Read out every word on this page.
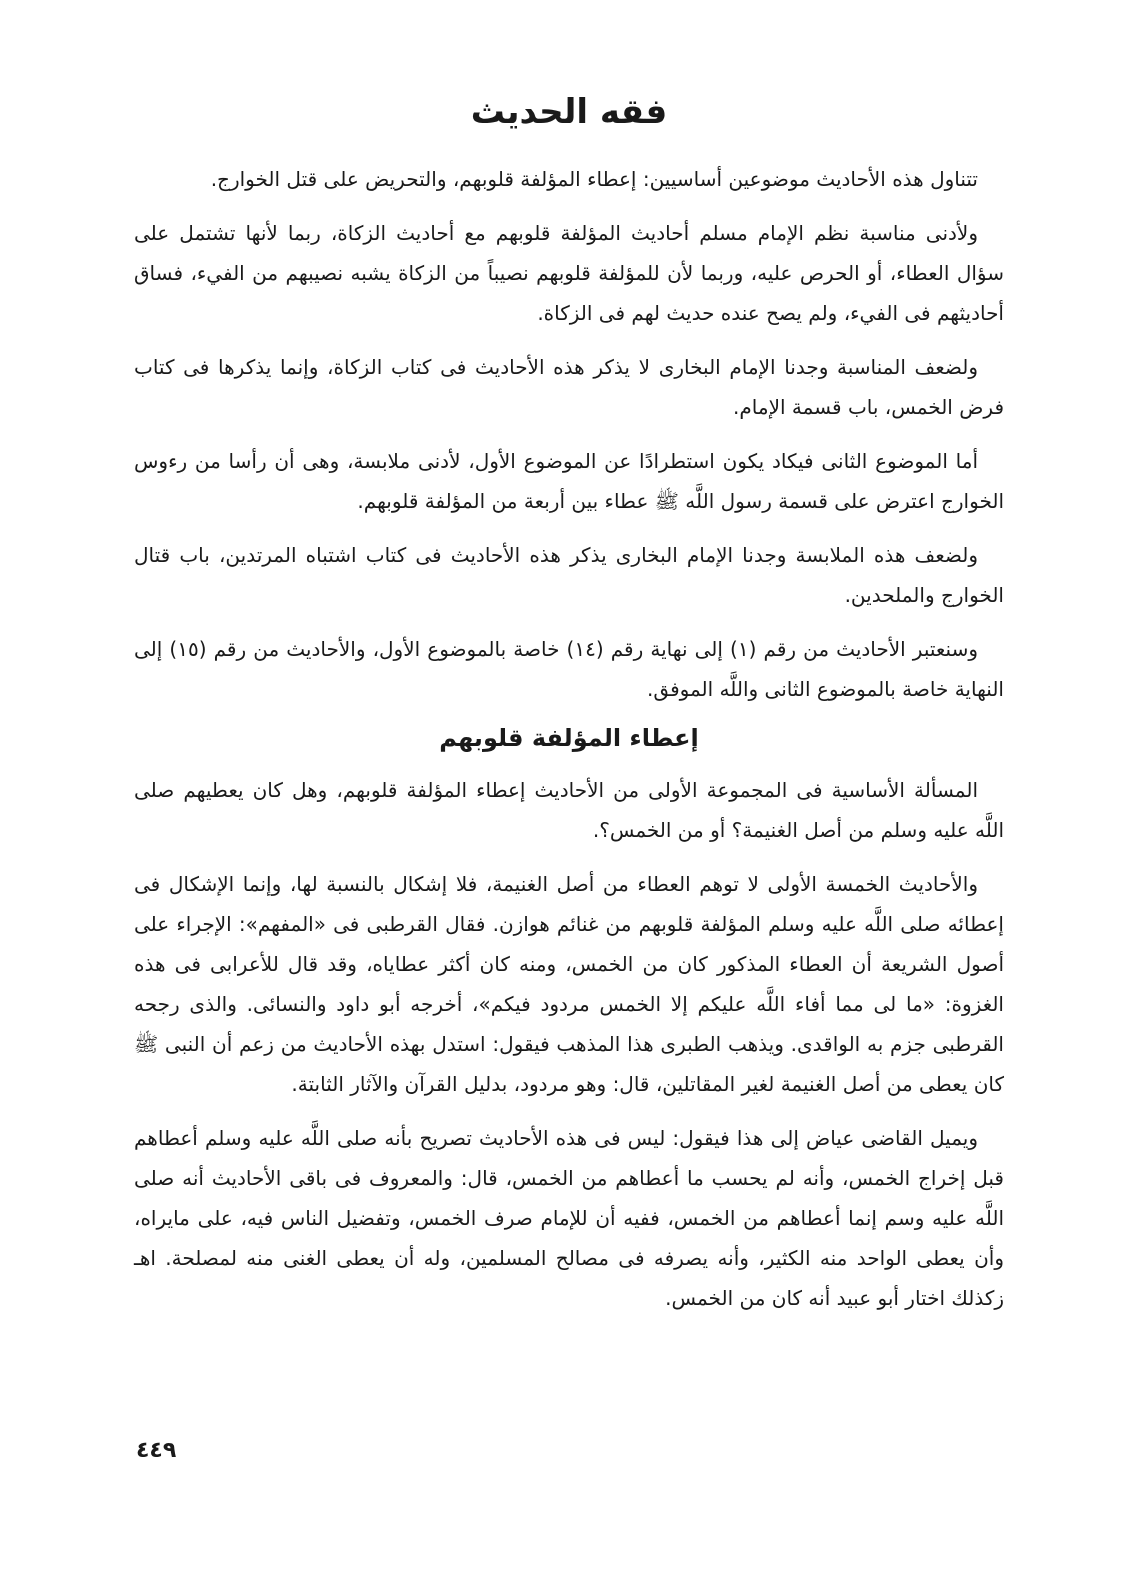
فقه الحديث

تتناول هذه الأحاديث موضوعين أساسيين: إعطاء المؤلفة قلوبهم، والتحريض على قتل الخوارج.

ولأدنى مناسبة نظم الإمام مسلم أحاديث المؤلفة قلوبهم مع أحاديث الزكاة، ربما لأنها تشتمل على سؤال العطاء، أو الحرص عليه، وربما لأن للمؤلفة قلوبهم نصيباً من الزكاة يشبه نصيبهم من الفيء، فساق أحاديثهم فى الفيء، ولم يصح عنده حديث لهم فى الزكاة.

ولضعف المناسبة وجدنا الإمام البخارى لا يذكر هذه الأحاديث فى كتاب الزكاة، وإنما يذكرها فى كتاب فرض الخمس، باب قسمة الإمام.

أما الموضوع الثانى فيكاد يكون استطرادًا عن الموضوع الأول، لأدنى ملابسة، وهى أن رأسا من رءوس الخوارج اعترض على قسمة رسول اللَّه ﷺ عطاء بين أربعة من المؤلفة قلوبهم.

ولضعف هذه الملابسة وجدنا الإمام البخارى يذكر هذه الأحاديث فى كتاب اشتباه المرتدين، باب قتال الخوارج والملحدين.

وسنعتبر الأحاديث من رقم (١) إلى نهاية رقم (١٤) خاصة بالموضوع الأول، والأحاديث من رقم (١٥) إلى النهاية خاصة بالموضوع الثانى واللَّه الموفق.

إعطاء المؤلفة قلوبهم

المسألة الأساسية فى المجموعة الأولى من الأحاديث إعطاء المؤلفة قلوبهم، وهل كان يعطيهم صلى اللَّه عليه وسلم من أصل الغنيمة؟ أو من الخمس؟.

والأحاديث الخمسة الأولى لا توهم العطاء من أصل الغنيمة، فلا إشكال بالنسبة لها، وإنما الإشكال فى إعطائه صلى اللَّه عليه وسلم المؤلفة قلوبهم من غنائم هوازن. فقال القرطبى فى «المفهم»: الإجراء على أصول الشريعة أن العطاء المذكور كان من الخمس، ومنه كان أكثر عطاياه، وقد قال للأعرابى فى هذه الغزوة: «ما لى مما أفاء اللَّه عليكم إلا الخمس مردود فيكم»، أخرجه أبو داود والنسائى. والذى رجحه القرطبى جزم به الواقدى. ويذهب الطبرى هذا المذهب فيقول: استدل بهذه الأحاديث من زعم أن النبى ﷺ كان يعطى من أصل الغنيمة لغير المقاتلين، قال: وهو مردود، بدليل القرآن والآثار الثابتة.

ويميل القاضى عياض إلى هذا فيقول: ليس فى هذه الأحاديث تصريح بأنه صلى اللَّه عليه وسلم أعطاهم قبل إخراج الخمس، وأنه لم يحسب ما أعطاهم من الخمس، قال: والمعروف فى باقى الأحاديث أنه صلى اللَّه عليه وسم إنما أعطاهم من الخمس، ففيه أن للإمام صرف الخمس، وتفضيل الناس فيه، على مايراه، وأن يعطى الواحد منه الكثير، وأنه يصرفه فى مصالح المسلمين، وله أن يعطى الغنى منه لمصلحة. اهـ زكذلك اختار أبو عبيد أنه كان من الخمس.

٤٤٩
